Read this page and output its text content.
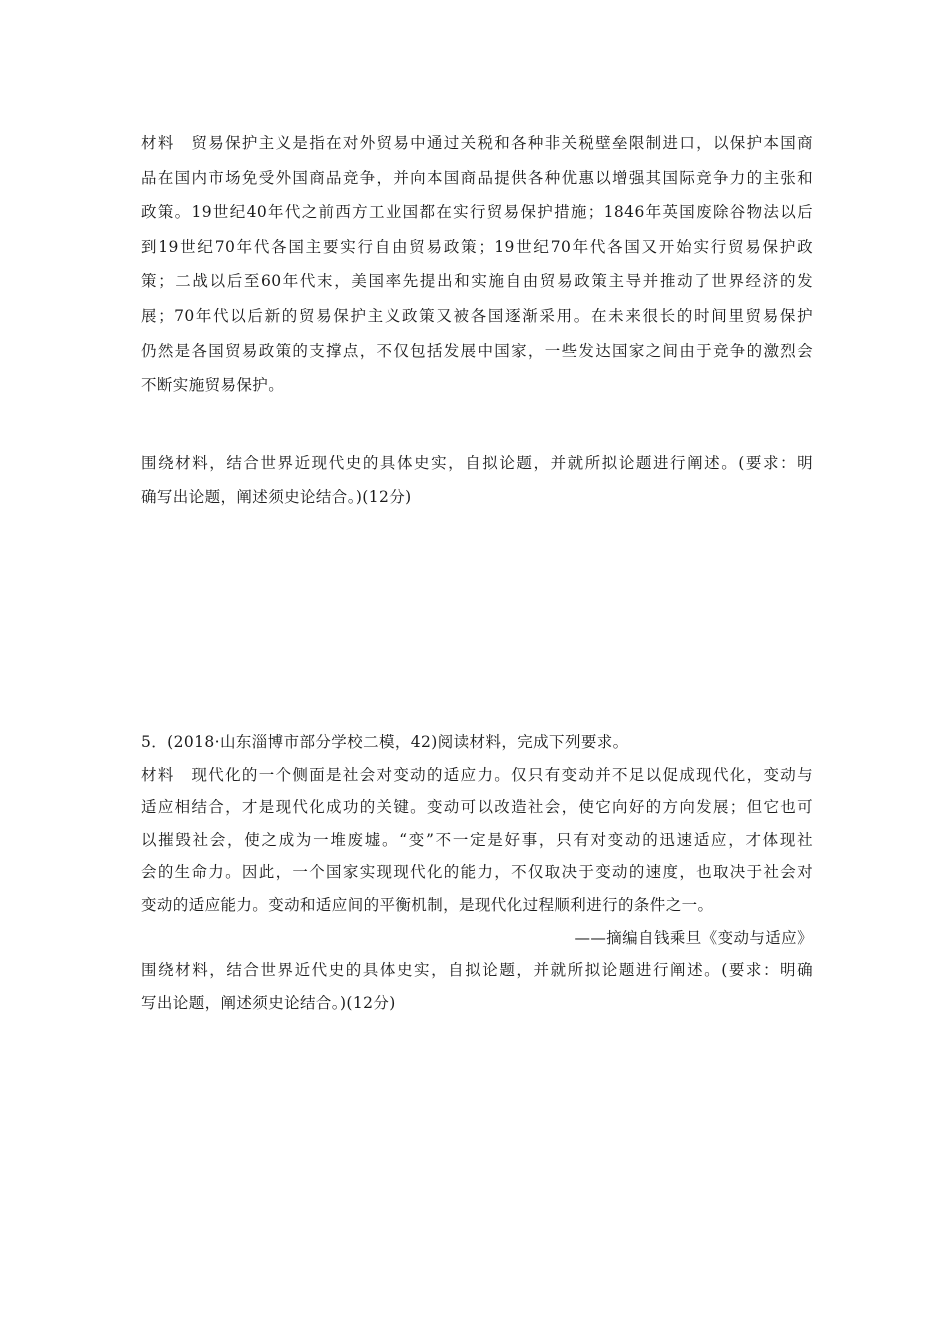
材料　贸易保护主义是指在对外贸易中通过关税和各种非关税壁垒限制进口，以保护本国商
品在国内市场免受外国商品竞争，并向本国商品提供各种优惠以增强其国际竞争力的主张和
政策。19世纪40年代之前西方工业国都在实行贸易保护措施；1846年英国废除谷物法以后
到19世纪70年代各国主要实行自由贸易政策；19世纪70年代各国又开始实行贸易保护政
策；二战以后至60年代末，美国率先提出和实施自由贸易政策主导并推动了世界经济的发
展；70年代以后新的贸易保护主义政策又被各国逐渐采用。在未来很长的时间里贸易保护
仍然是各国贸易政策的支撑点，不仅包括发展中国家，一些发达国家之间由于竞争的激烈会
不断实施贸易保护。
围绕材料，结合世界近现代史的具体史实，自拟论题，并就所拟论题进行阐述。(要求：明
确写出论题，阐述须史论结合。)(12分)
5．(2018·山东淄博市部分学校二模，42)阅读材料，完成下列要求。
材料　现代化的一个侧面是社会对变动的适应力。仅只有变动并不足以促成现代化，变动与
适应相结合，才是现代化成功的关键。变动可以改造社会，使它向好的方向发展；但它也可
以摧毁社会，使之成为一堆废墟。“变”不一定是好事，只有对变动的迅速适应，才体现社
会的生命力。因此，一个国家实现现代化的能力，不仅取决于变动的速度，也取决于社会对
变动的适应能力。变动和适应间的平衡机制，是现代化过程顺利进行的条件之一。
——摘编自钱乘旦《变动与适应》
围绕材料，结合世界近代史的具体史实，自拟论题，并就所拟论题进行阐述。(要求：明确
写出论题，阐述须史论结合。)(12分)
